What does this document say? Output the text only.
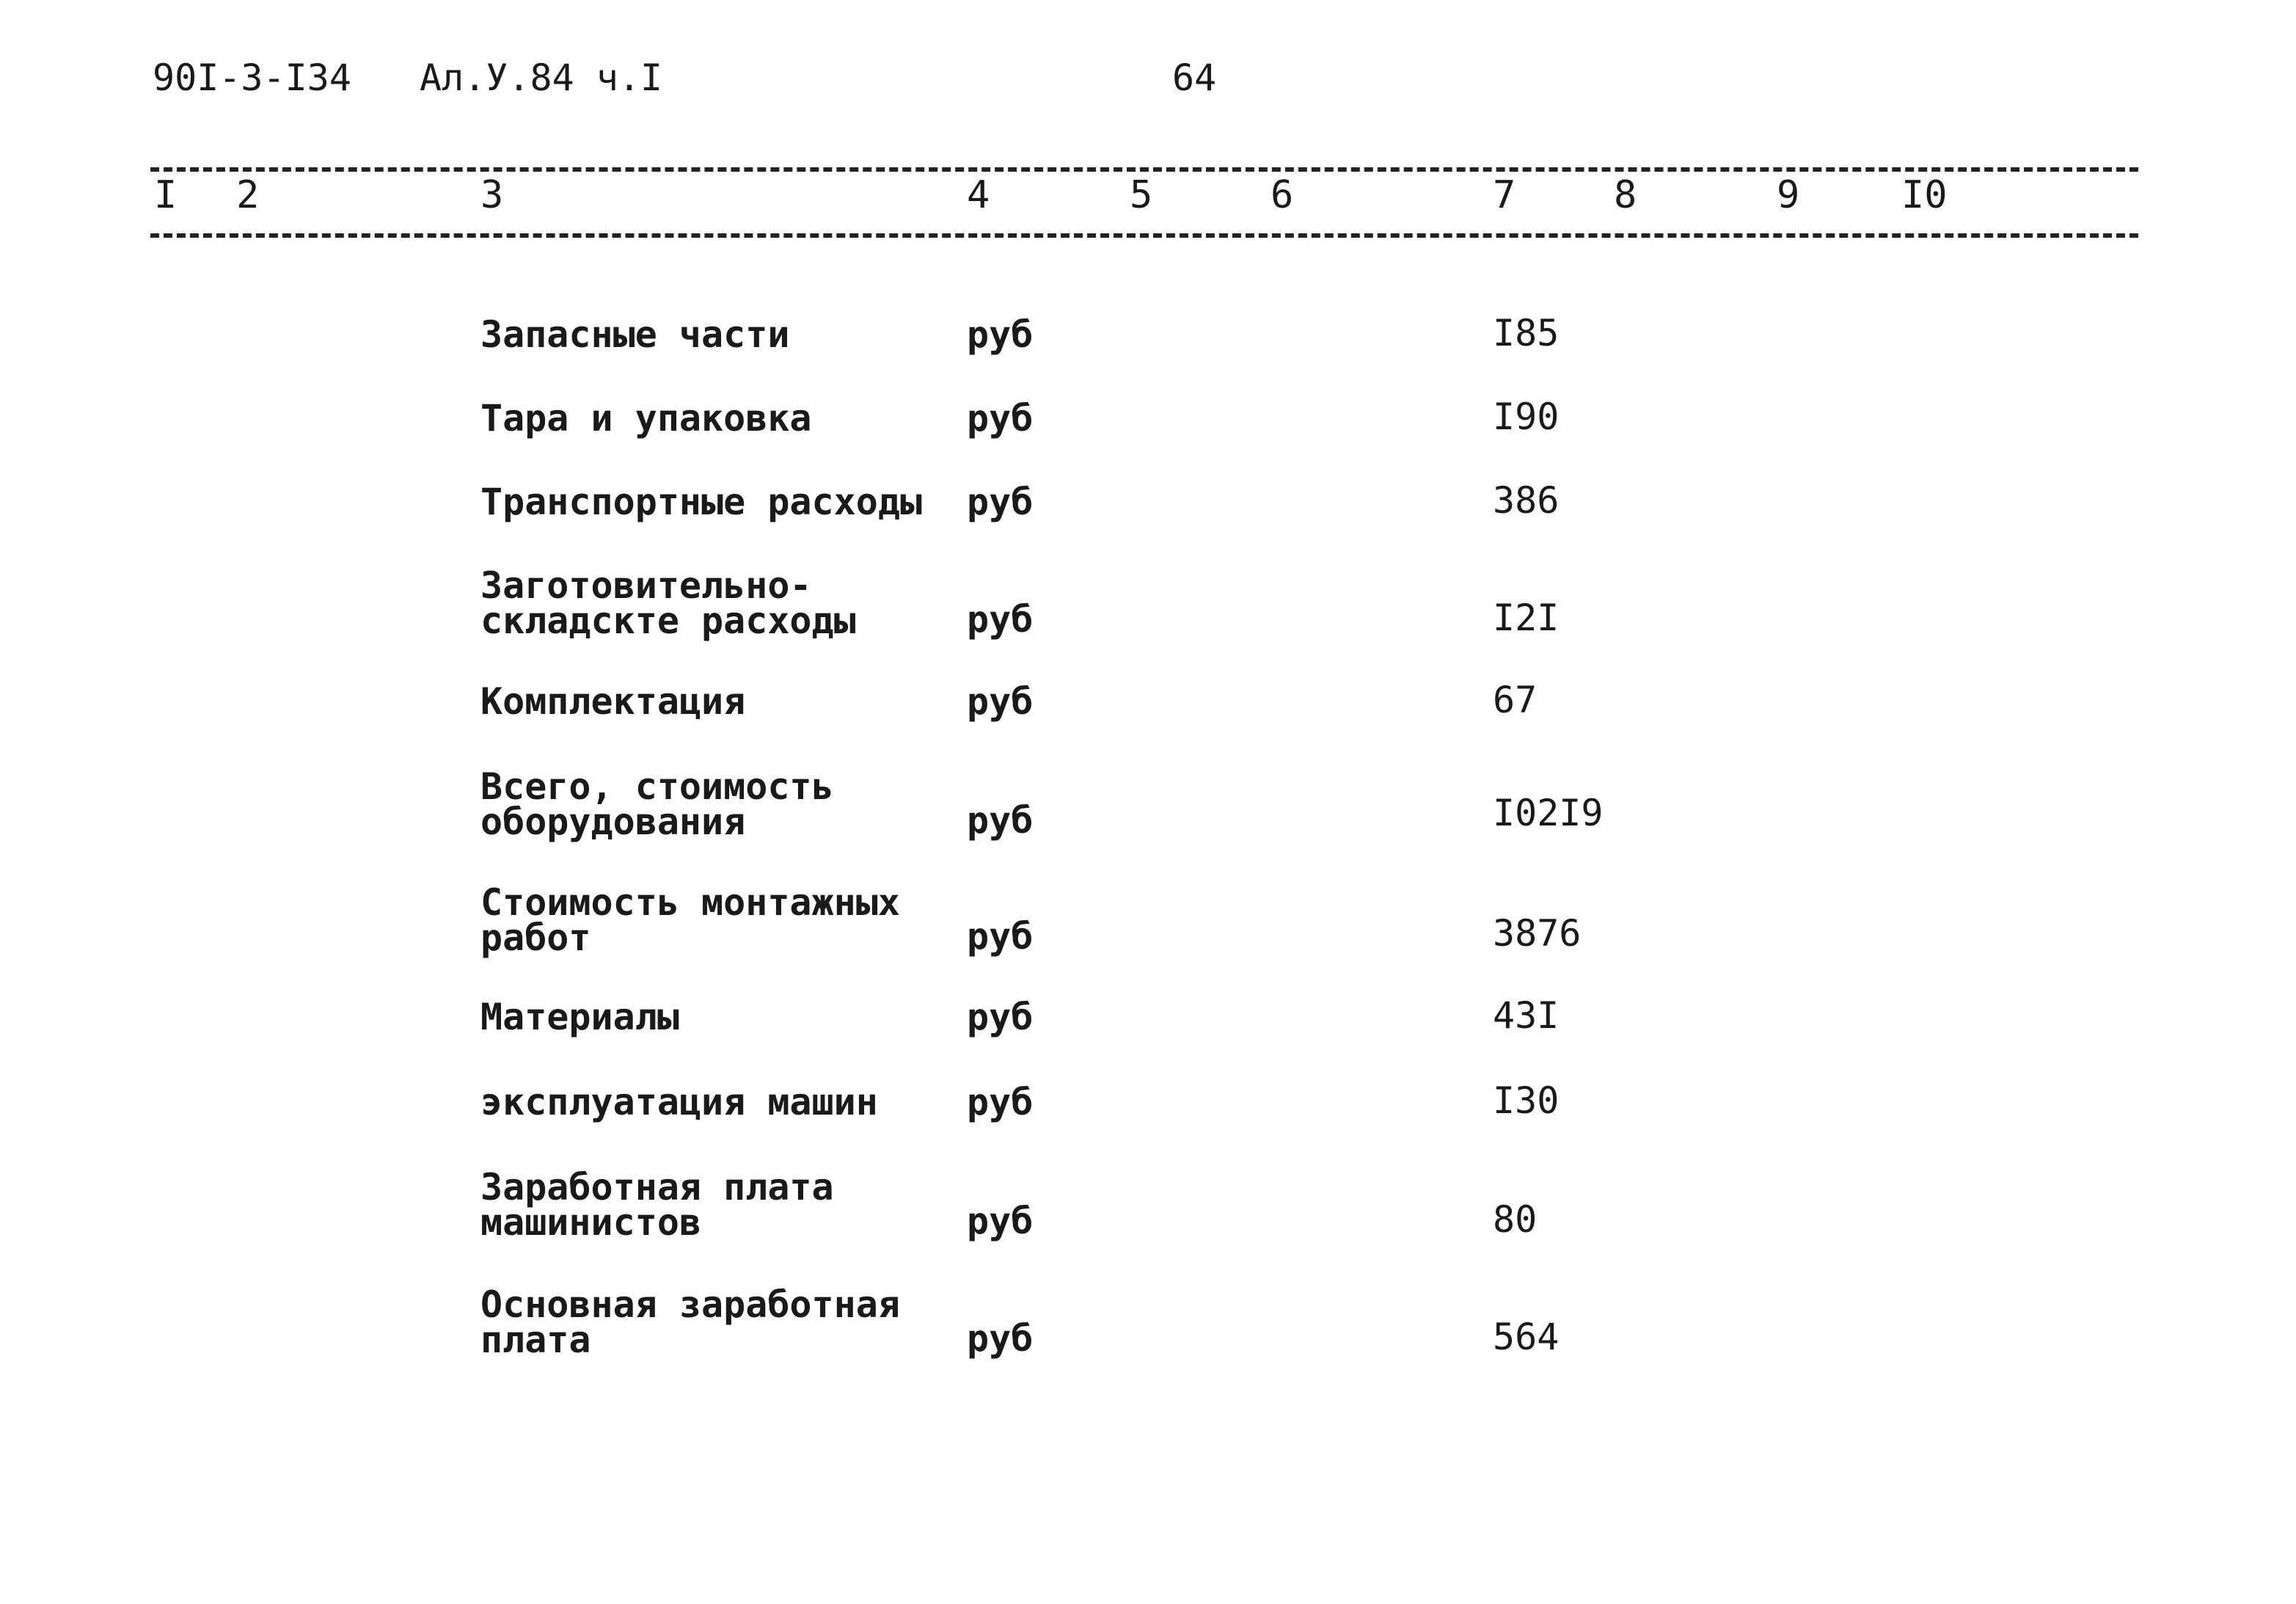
90I-3-I34 Ал.У.84 ч.I	64
I 2	3	4	5	6	7	8	9	I0
Запасные части	руб	I85
Тара и упаковка	руб	I90
Транспортные расходы руб	386
Заготовительно-
складскте расходы	руб	I2I
Комплектация	руб	67
Всего, стоимость
оборудования	руб	I02I9
Стоимость монтажных
работ	руб	3876
Материалы	руб	43I
эксплуатация машин руб	I30
Заработная плата
машинистов	руб	80
Основная заработная
плата	руб	564
